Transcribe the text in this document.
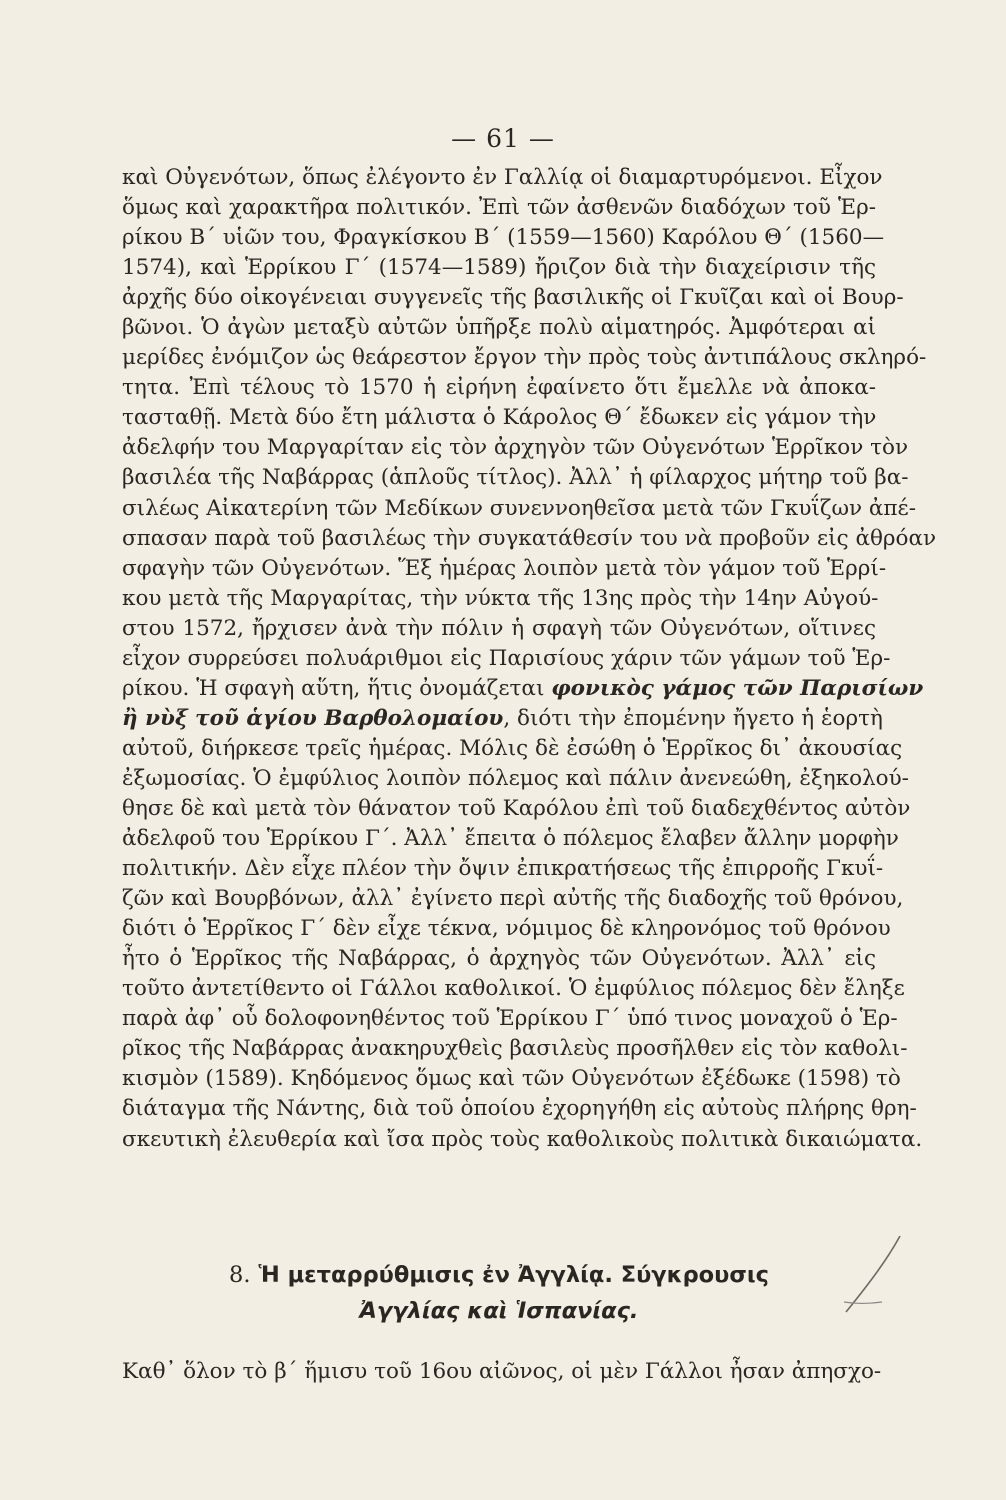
— 61 —
καὶ Οὐγενότων, ὅπως ἐλέγοντο ἐν Γαλλίᾳ οἱ διαμαρτυρόμενοι. Εἶχον
ὅμως καὶ χαρακτῆρα πολιτικόν. Ἐπὶ τῶν ἀσθενῶν διαδόχων τοῦ Ἑρ-
ρίκου Β΄ υἱῶν του, Φραγκίσκου Β΄ (1559—1560) Καρόλου Θ΄ (1560—
1574), καὶ Ἑρρίκου Γ΄ (1574—1589) ἤριζον διὰ τὴν διαχείρισιν τῆς
ἀρχῆς δύο οἰκογένειαι συγγενεῖς τῆς βασιλικῆς οἱ Γκυῖζαι καὶ οἱ Βουρ-
βῶνοι. Ὁ ἀγὼν μεταξὺ αὐτῶν ὑπῆρξε πολὺ αἱματηρός. Ἀμφότεραι αἱ
μερίδες ἐνόμιζον ὡς θεάρεστον ἔργον τὴν πρὸς τοὺς ἀντιπάλους σκληρό-
τητα. Ἐπὶ τέλους τὸ 1570 ἡ εἰρήνη ἐφαίνετο ὅτι ἔμελλε νὰ ἀποκα-
τασταθῇ. Μετὰ δύο ἔτη μάλιστα ὁ Κάρολος Θ΄ ἔδωκεν εἰς γάμον τὴν
ἀδελφήν του Μαργαρίταν εἰς τὸν ἀρχηγὸν τῶν Οὐγενότων Ἑρρῖκον τὸν
βασιλέα τῆς Ναβάρρας (ἁπλοῦς τίτλος). Ἀλλ᾽ ἡ φίλαρχος μήτηρ τοῦ βα-
σιλέως Αἰκατερίνη τῶν Μεδίκων συνεννοηθεῖσα μετὰ τῶν Γκυΐζων ἀπέ-
σπασαν παρὰ τοῦ βασιλέως τὴν συγκατάθεσίν του νὰ προβοῦν εἰς ἀθρόαν
σφαγὴν τῶν Οὐγενότων. Ἕξ ἡμέρας λοιπὸν μετὰ τὸν γάμον τοῦ Ἑρρί-
κου μετὰ τῆς Μαργαρίτας, τὴν νύκτα τῆς 13ης πρὸς τὴν 14ην Αὐγού-
στου 1572, ἤρχισεν ἀνὰ τὴν πόλιν ἡ σφαγὴ τῶν Οὐγενότων, οἵτινες
εἶχον συρρεύσει πολυάριθμοι εἰς Παρισίους χάριν τῶν γάμων τοῦ Ἑρ-
ρίκου. Ἡ σφαγὴ αὕτη, ἥτις ὀνομάζεται φονικὸς γάμος τῶν Παρισίων
ἢ νὺξ τοῦ ἁγίου Βαρθολομαίου, διότι τὴν ἐπομένην ἤγετο ἡ ἑορτὴ
αὐτοῦ, διήρκεσε τρεῖς ἡμέρας. Μόλις δὲ ἐσώθη ὁ Ἑρρῖκος δι᾽ ἀκουσίας
ἐξωμοσίας. Ὁ ἐμφύλιος λοιπὸν πόλεμος καὶ πάλιν ἀνενεώθη, ἐξηκολού-
θησε δὲ καὶ μετὰ τὸν θάνατον τοῦ Καρόλου ἐπὶ τοῦ διαδεχθέντος αὐτὸν
ἀδελφοῦ του Ἑρρίκου Γ΄. Ἀλλ᾽ ἔπειτα ὁ πόλεμος ἔλαβεν ἄλλην μορφὴν
πολιτικήν. Δὲν εἶχε πλέον τὴν ὄψιν ἐπικρατήσεως τῆς ἐπιρροῆς Γκυΐ-
ζῶν καὶ Βουρβόνων, ἀλλ᾽ ἐγίνετο περὶ αὐτῆς τῆς διαδοχῆς τοῦ θρόνου,
διότι ὁ Ἑρρῖκος Γ΄ δὲν εἶχε τέκνα, νόμιμος δὲ κληρονόμος τοῦ θρόνου
ἦτο ὁ Ἑρρῖκος τῆς Ναβάρρας, ὁ ἀρχηγὸς τῶν Οὐγενότων. Ἀλλ᾽ εἰς
τοῦτο ἀντετίθεντο οἱ Γάλλοι καθολικοί. Ὁ ἐμφύλιος πόλεμος δὲν ἔληξε
παρὰ ἀφ᾽ οὗ δολοφονηθέντος τοῦ Ἑρρίκου Γ΄ ὑπό τινος μοναχοῦ ὁ Ἑρ-
ρῖκος τῆς Ναβάρρας ἀνακηρυχθεὶς βασιλεὺς προσῆλθεν εἰς τὸν καθολι-
κισμὸν (1589). Κηδόμενος ὅμως καὶ τῶν Οὐγενότων ἐξέδωκε (1598) τὸ
διάταγμα τῆς Νάντης, διὰ τοῦ ὁποίου ἐχορηγήθη εἰς αὐτοὺς πλήρης θρη-
σκευτικὴ ἐλευθερία καὶ ἴσα πρὸς τοὺς καθολικοὺς πολιτικὰ δικαιώματα.
8. Ἡ μεταρρύθμισις ἐν Ἀγγλίᾳ. Σύγκρουσις
Ἀγγλίας καὶ Ἱσπανίας.
Καθ᾽ ὅλον τὸ β΄ ἥμισυ τοῦ 16ου αἰῶνος, οἱ μὲν Γάλλοι ἦσαν ἀπησχο-
